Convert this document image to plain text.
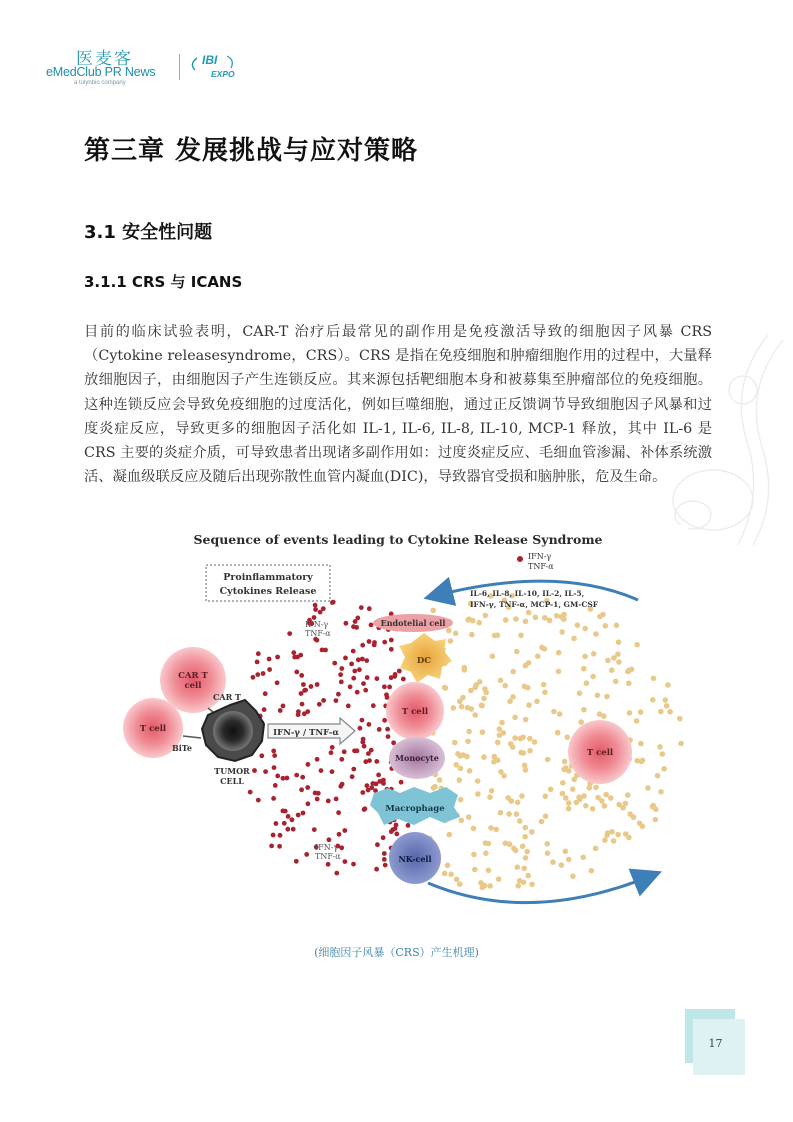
医麦客
eMedClub PR News
a tulynbio company
IBI
EXPO
第三章 发展挑战与应对策略
3.1 安全性问题
3.1.1 CRS 与 ICANS

目前的临床试验表明，CAR-T 治疗后最常见的副作用是免疫激活导致的细胞因子风暴 CRS（Cytokine releasesyndrome，CRS）。CRS 是指在免疫细胞和肿瘤细胞作用的过程中，大量释放细胞因子，由细胞因子产生连锁反应。其来源包括靶细胞本身和被募集至肿瘤部位的免疫细胞。这种连锁反应会导致免疫细胞的过度活化，例如巨噬细胞，通过正反馈调节导致细胞因子风暴和过度炎症反应，导致更多的细胞因子活化如 IL-1, IL-6, IL-8, IL-10, MCP-1 释放，其中 IL-6 是 CRS 主要的炎症介质，可导致患者出现诸多副作用如：过度炎症反应、毛细血管渗漏、补体系统激活、凝血级联反应及随后出现弥散性血管内凝血(DIC)，导致器官受损和脑肿胀，危及生命。

Sequence of events leading to Cytokine Release Syndrome
Proinflammatory
Cytokines Release
IFN-γ
TNF-α
IL-6, IL-8, IL-10, IL-2, IL-5,
IFN-γ, TNF-α, MCP-1, GM-CSF
IFN-γ
TNF-α
IFN-γ
TNF-α
CAR T
cell
T cell
CAR T
BiTe
TUMOR
CELL
IFN-γ / TNF-α
Endotelial cell
DC
T cell
Monocyte
Macrophage
NK-cell
T cell
(细胞因子风暴（CRS）产生机理)
17
